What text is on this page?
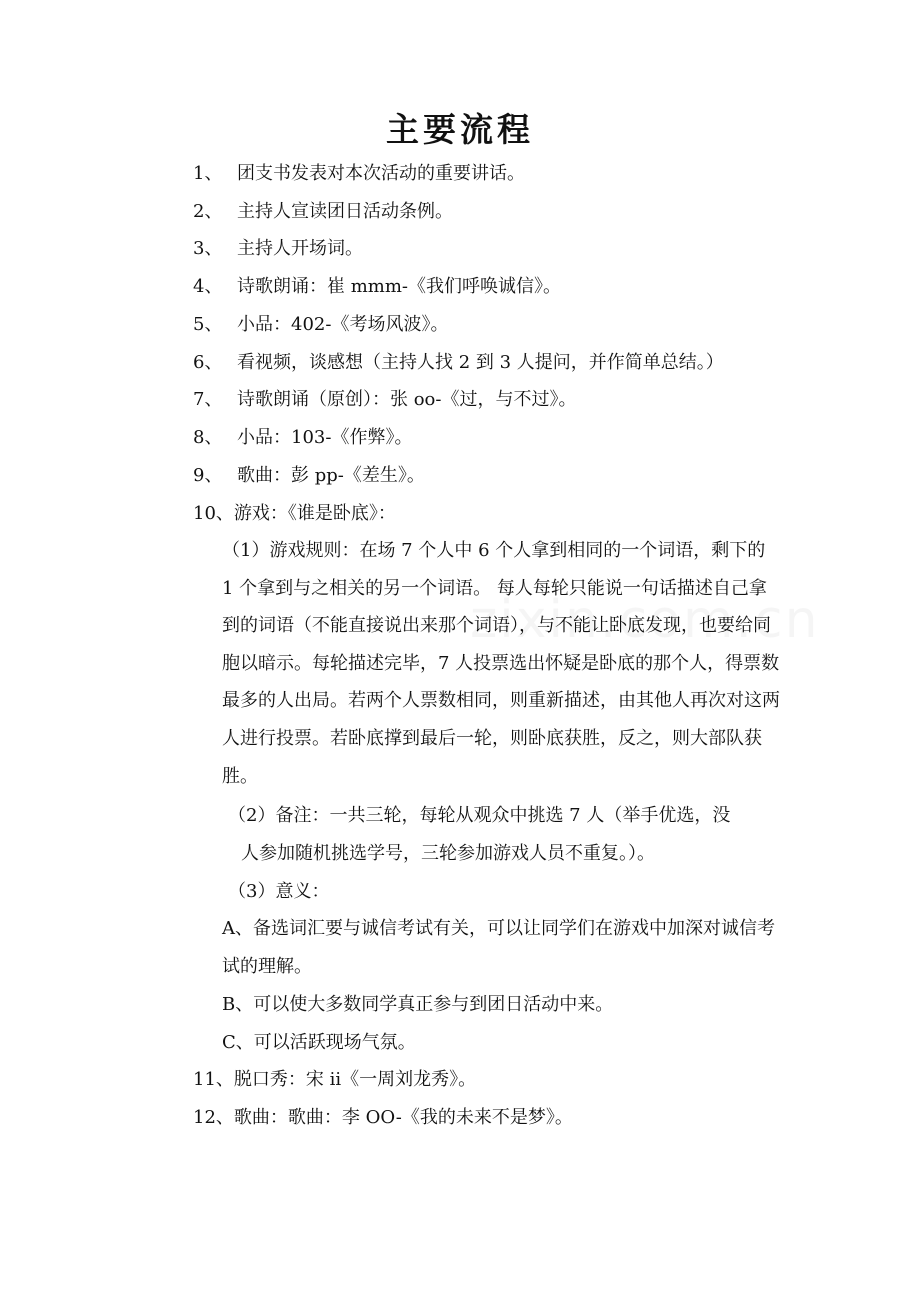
主要流程
1、 团支书发表对本次活动的重要讲话。
2、 主持人宣读团日活动条例。
3、 主持人开场词。
4、 诗歌朗诵：崔 mmm-《我们呼唤诚信》。
5、 小品：402-《考场风波》。
6、 看视频，谈感想（主持人找 2 到 3 人提问，并作简单总结。）
7、 诗歌朗诵（原创）：张 oo-《过，与不过》。
8、 小品：103-《作弊》。
9、 歌曲：彭 pp-《差生》。
10、游戏：《谁是卧底》：
（1）游戏规则：在场 7 个人中 6 个人拿到相同的一个词语，剩下的　 1 个拿到与之相关的另一个词语。 每人每轮只能说一句话描述自己拿到的词语（不能直接说出来那个词语），与不能让卧底发现，也要给同胞以暗示。每轮描述完毕，7 人投票选出怀疑是卧底的那个人，得票数最多的人出局。若两个人票数相同，则重新描述，由其他人再次对这两人进行投票。若卧底撑到最后一轮，则卧底获胜，反之，则大部队获胜。
（2）备注：一共三轮，每轮从观众中挑选 7 人（举手优选，没
人参加随机挑选学号，三轮参加游戏人员不重复。）。
（3）意义：
A、备选词汇要与诚信考试有关，可以让同学们在游戏中加深对诚信考试的理解。
B、可以使大多数同学真正参与到团日活动中来。
C、可以活跃现场气氛。
11、脱口秀：宋 ii《一周刘龙秀》。
12、歌曲：歌曲：李 OO-《我的未来不是梦》。
